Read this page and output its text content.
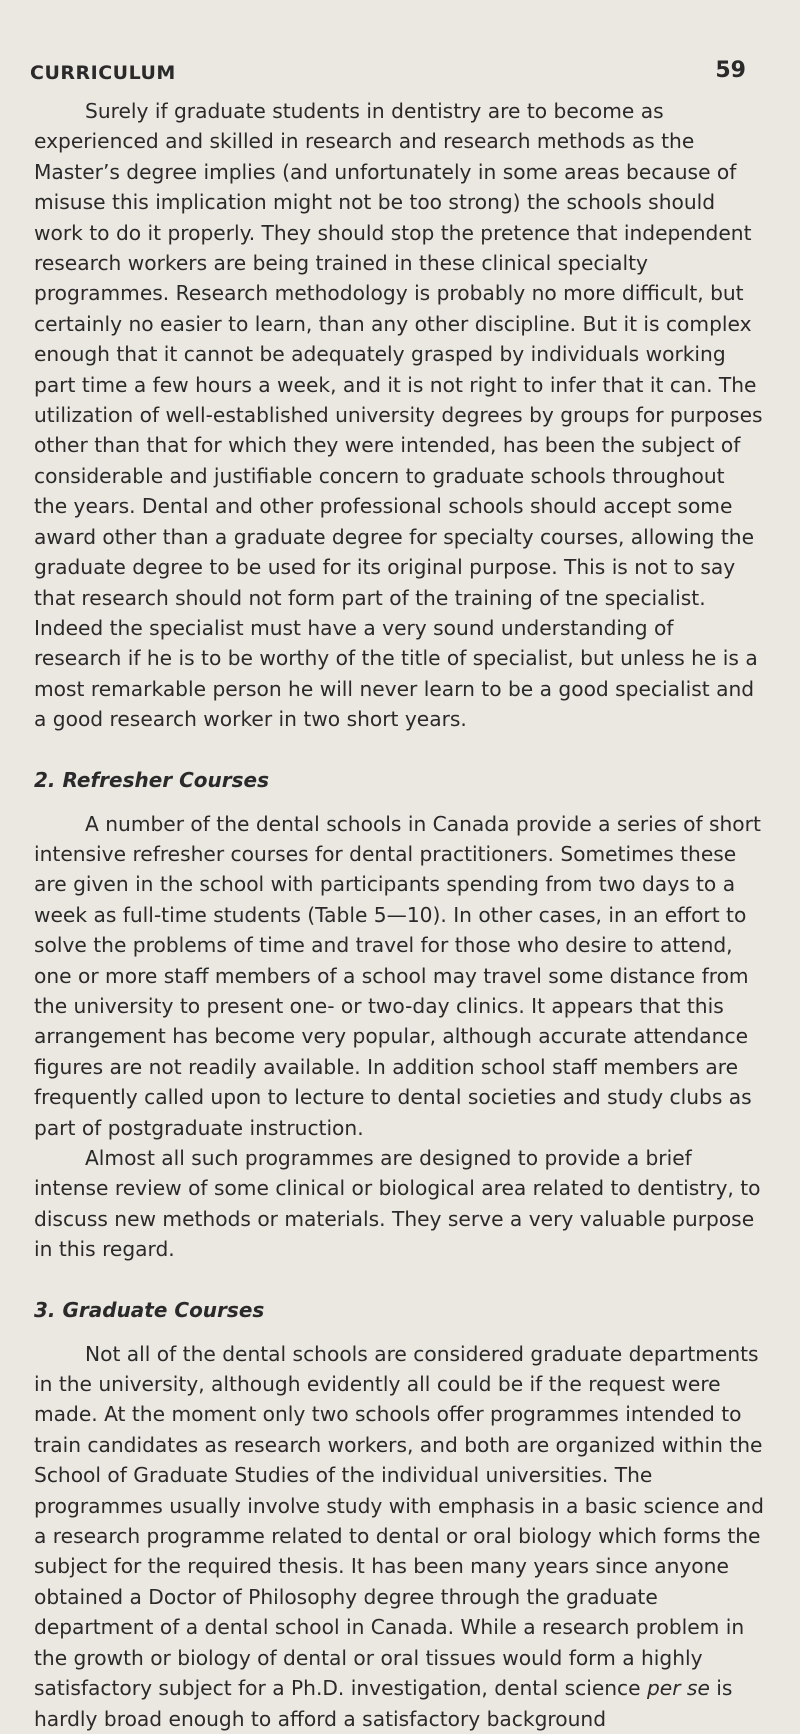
CURRICULUM	59

Surely if graduate students in dentistry are to become as experienced and skilled in research and research methods as the Master’s degree implies (and unfortunately in some areas because of misuse this implication might not be too strong) the schools should work to do it properly. They should stop the pretence that independent research workers are being trained in these clinical specialty programmes. Research methodology is probably no more difficult, but certainly no easier to learn, than any other discipline. But it is complex enough that it cannot be adequately grasped by individuals working part time a few hours a week, and it is not right to infer that it can. The utilization of well-established university degrees by groups for purposes other than that for which they were intended, has been the subject of considerable and justifiable concern to graduate schools throughout the years. Dental and other professional schools should accept some award other than a graduate degree for specialty courses, allowing the graduate degree to be used for its original purpose. This is not to say that research should not form part of the training of tne specialist. Indeed the specialist must have a very sound understanding of research if he is to be worthy of the title of specialist, but unless he is a most remarkable person he will never learn to be a good specialist and a good research worker in two short years.

2. Refresher Courses

A number of the dental schools in Canada provide a series of short intensive refresher courses for dental practitioners. Sometimes these are given in the school with participants spending from two days to a week as full-time students (Table 5—10). In other cases, in an effort to solve the problems of time and travel for those who desire to attend, one or more staff members of a school may travel some distance from the university to present one- or two-day clinics. It appears that this arrangement has become very popular, although accurate attendance figures are not readily available. In addition school staff members are frequently called upon to lecture to dental societies and study clubs as part of postgraduate instruction.

Almost all such programmes are designed to provide a brief intense review of some clinical or biological area related to dentistry, to discuss new methods or materials. They serve a very valuable purpose in this regard.

3. Graduate Courses

Not all of the dental schools are considered graduate departments in the university, although evidently all could be if the request were made. At the moment only two schools offer programmes intended to train candidates as research workers, and both are organized within the School of Graduate Studies of the individual universities. The programmes usually involve study with emphasis in a basic science and a research programme related to dental or oral biology which forms the subject for the required thesis. It has been many years since anyone obtained a Doctor of Philosophy degree through the graduate department of a dental school in Canada. While a research problem in the growth or biology of dental or oral tissues would form a highly satisfactory subject for a Ph.D. investigation, dental science per se is hardly broad enough to afford a satisfactory background
